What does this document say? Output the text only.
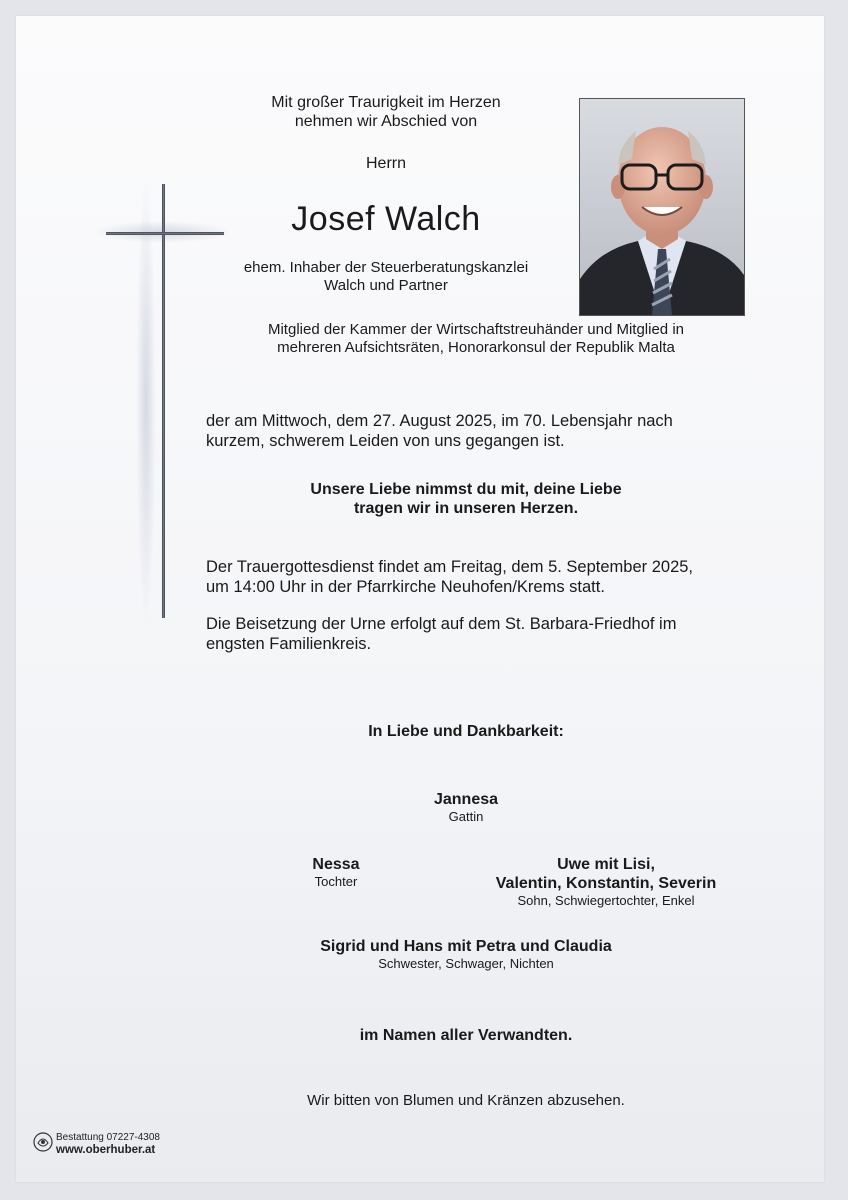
Mit großer Traurigkeit im Herzen
nehmen wir Abschied von
Herrn
Josef Walch
ehem. Inhaber der Steuerberatungskanzlei
Walch und Partner
Mitglied der Kammer der Wirtschaftstreuhänder und Mitglied in
mehreren Aufsichtsräten, Honorarkonsul der Republik Malta
der am Mittwoch, dem 27. August 2025, im 70. Lebensjahr nach
kurzem, schwerem Leiden von uns gegangen ist.
Unsere Liebe nimmst du mit, deine Liebe
tragen wir in unseren Herzen.
Der Trauergottesdienst findet am Freitag, dem 5. September 2025,
um 14:00 Uhr in der Pfarrkirche Neuhofen/Krems statt.
Die Beisetzung der Urne erfolgt auf dem St. Barbara-Friedhof im
engsten Familienkreis.
In Liebe und Dankbarkeit:
Jannesa
Gattin
Nessa
Tochter
Uwe mit Lisi,
Valentin, Konstantin, Severin
Sohn, Schwiegertochter, Enkel
Sigrid und Hans mit Petra und Claudia
Schwester, Schwager, Nichten
im Namen aller Verwandten.
Wir bitten von Blumen und Kränzen abzusehen.
Bestattung 07227-4308
www.oberhuber.at
